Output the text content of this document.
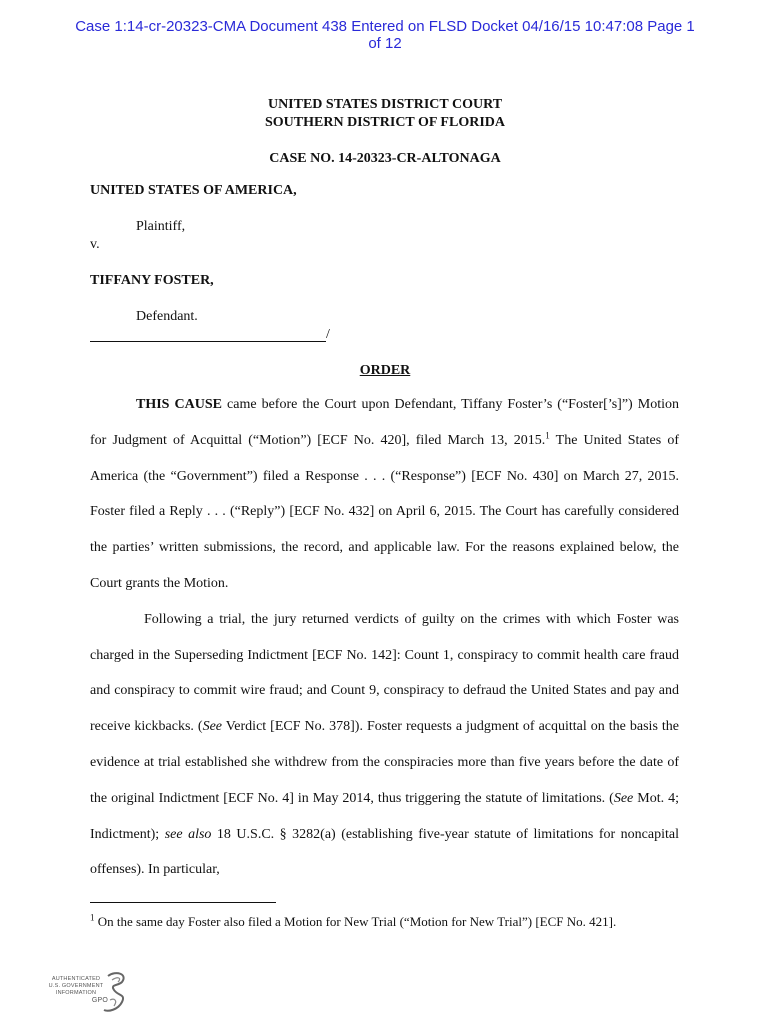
Case 1:14-cr-20323-CMA Document 438 Entered on FLSD Docket 04/16/15 10:47:08 Page 1
of 12
UNITED STATES DISTRICT COURT
SOUTHERN DISTRICT OF FLORIDA
CASE NO. 14-20323-CR-ALTONAGA
UNITED STATES OF AMERICA,
Plaintiff,
v.
TIFFANY FOSTER,
Defendant.
/
ORDER

THIS CAUSE came before the Court upon Defendant, Tiffany Foster’s (“Foster[’s]”) Motion for Judgment of Acquittal (“Motion”) [ECF No. 420], filed March 13, 2015.$^1$ The United States of America (the “Government”) filed a Response . . . (“Response”) [ECF No. 430] on March 27, 2015. Foster filed a Reply . . . (“Reply”) [ECF No. 432] on April 6, 2015. The Court has carefully considered the parties’ written submissions, the record, and applicable law. For the reasons explained below, the Court grants the Motion.

Following a trial, the jury returned verdicts of guilty on the crimes with which Foster was charged in the Superseding Indictment [ECF No. 142]: Count 1, conspiracy to commit health care fraud and conspiracy to commit wire fraud; and Count 9, conspiracy to defraud the United States and pay and receive kickbacks. (See Verdict [ECF No. 378]). Foster requests a judgment of acquittal on the basis the evidence at trial established she withdrew from the conspiracies more than five years before the date of the original Indictment [ECF No. 4] in May 2014, thus triggering the statute of limitations. (See Mot. 4; Indictment); see also 18 U.S.C. § 3282(a) (establishing five-year statute of limitations for noncapital offenses). In particular,

$^1$ On the same day Foster also filed a Motion for New Trial (“Motion for New Trial”) [ECF No. 421].
AUTHENTICATED
U.S. GOVERNMENT
INFORMATION
GPO
